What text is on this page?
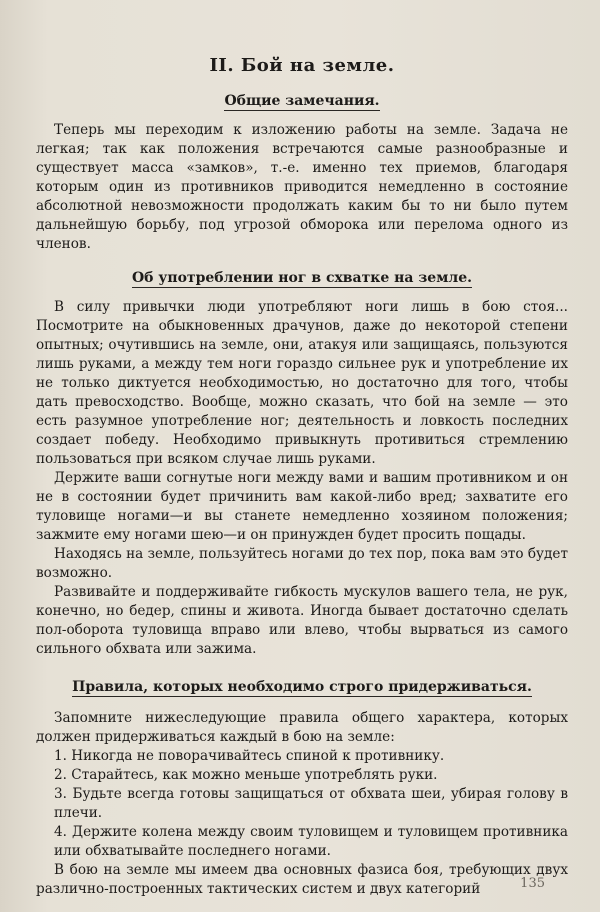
II. Бой на земле.
Общие замечания.

Теперь мы переходим к изложению работы на земле. Задача не легкая; так как положения встречаются самые разнообразные и существует масса «замков», т.-е. именно тех приемов, благодаря которым один из противников приводится немедленно в состояние абсолютной невозможности продолжать каким бы то ни было путем дальнейшую борьбу, под угрозой обморока или перелома одного из членов.

Об употреблении ног в схватке на земле.

В силу привычки люди употребляют ноги лишь в бою стоя... Посмотрите на обыкновенных драчунов, даже до некоторой степени опытных; очутившись на земле, они, атакуя или защищаясь, пользуются лишь руками, а между тем ноги гораздо сильнее рук и употребление их не только диктуется необходимостью, но достаточно для того, чтобы дать превосходство. Вообще, можно сказать, что бой на земле — это есть разумное употребление ног; деятельность и ловкость последних создает победу. Необходимо привыкнуть противиться стремлению пользоваться при всяком случае лишь руками.

Держите ваши согнутые ноги между вами и вашим противником и он не в состоянии будет причинить вам какой-либо вред; захватите его туловище ногами—и вы станете немедленно хозяином положения; зажмите ему ногами шею—и он принужден будет просить пощады.

Находясь на земле, пользуйтесь ногами до тех пор, пока вам это будет возможно.

Развивайте и поддерживайте гибкость мускулов вашего тела, не рук, конечно, но бедер, спины и живота. Иногда бывает достаточно сделать пол-оборота туловища вправо или влево, чтобы вырваться из самого сильного обхвата или зажима.

Правила, которых необходимо строго придерживаться.

Запомните нижеследующие правила общего характера, которых должен придерживаться каждый в бою на земле:

1. Никогда не поворачивайтесь спиной к противнику.

2. Старайтесь, как можно меньше употреблять руки.

3. Будьте всегда готовы защищаться от обхвата шеи, убирая голову в плечи.

4. Держите колена между своим туловищем и туловищем противника или обхватывайте последнего ногами.

В бою на земле мы имеем два основных фазиса боя, требующих двух различно-построенных тактических систем и двух категорий	135
